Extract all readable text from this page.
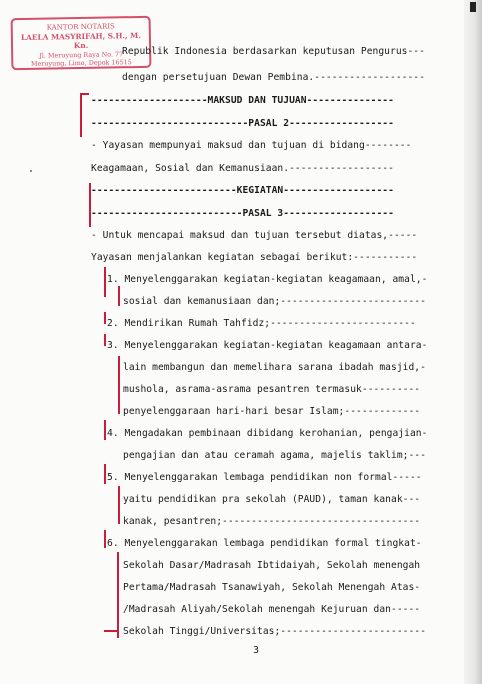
KANTOR NOTARIS
LAELA MASYRIFAH, S.H., M. Kn.
Jl. Meruyung Raya No. 77
Meruyung, Limo, Depok 16515
Republik Indonesia berdasarkan keputusan Pengurus---
dengan persetujuan Dewan Pembina.-------------------
--------------------MAKSUD DAN TUJUAN---------------
---------------------------PASAL 2------------------
- Yayasan mempunyai maksud dan tujuan di bidang--------
Keagamaan, Sosial dan Kemanusiaan.------------------
-------------------------KEGIATAN-------------------
--------------------------PASAL 3-------------------
- Untuk mencapai maksud dan tujuan tersebut diatas,-----
Yayasan menjalankan kegiatan sebagai berikut:-----------
1. Menyelenggarakan kegiatan-kegiatan keagamaan, amal,-
sosial dan kemanusiaan dan;-------------------------
2. Mendirikan Rumah Tahfidz;-------------------------
3. Menyelenggarakan kegiatan-kegiatan keagamaan antara-
lain membangun dan memelihara sarana ibadah masjid,-
mushola, asrama-asrama pesantren termasuk----------
penyelenggaraan hari-hari besar Islam;-------------
4. Mengadakan pembinaan dibidang kerohanian, pengajian-
pengajian dan atau ceramah agama, majelis taklim;---
5. Menyelenggarakan lembaga pendidikan non formal-----
yaitu pendidikan pra sekolah (PAUD), taman kanak---
kanak, pesantren;----------------------------------
6. Menyelenggarakan lembaga pendidikan formal tingkat-
Sekolah Dasar/Madrasah Ibtidaiyah, Sekolah menengah
Pertama/Madrasah Tsanawiyah, Sekolah Menengah Atas-
/Madrasah Aliyah/Sekolah menengah Kejuruan dan-----
Sekolah Tinggi/Universitas;-------------------------
3
